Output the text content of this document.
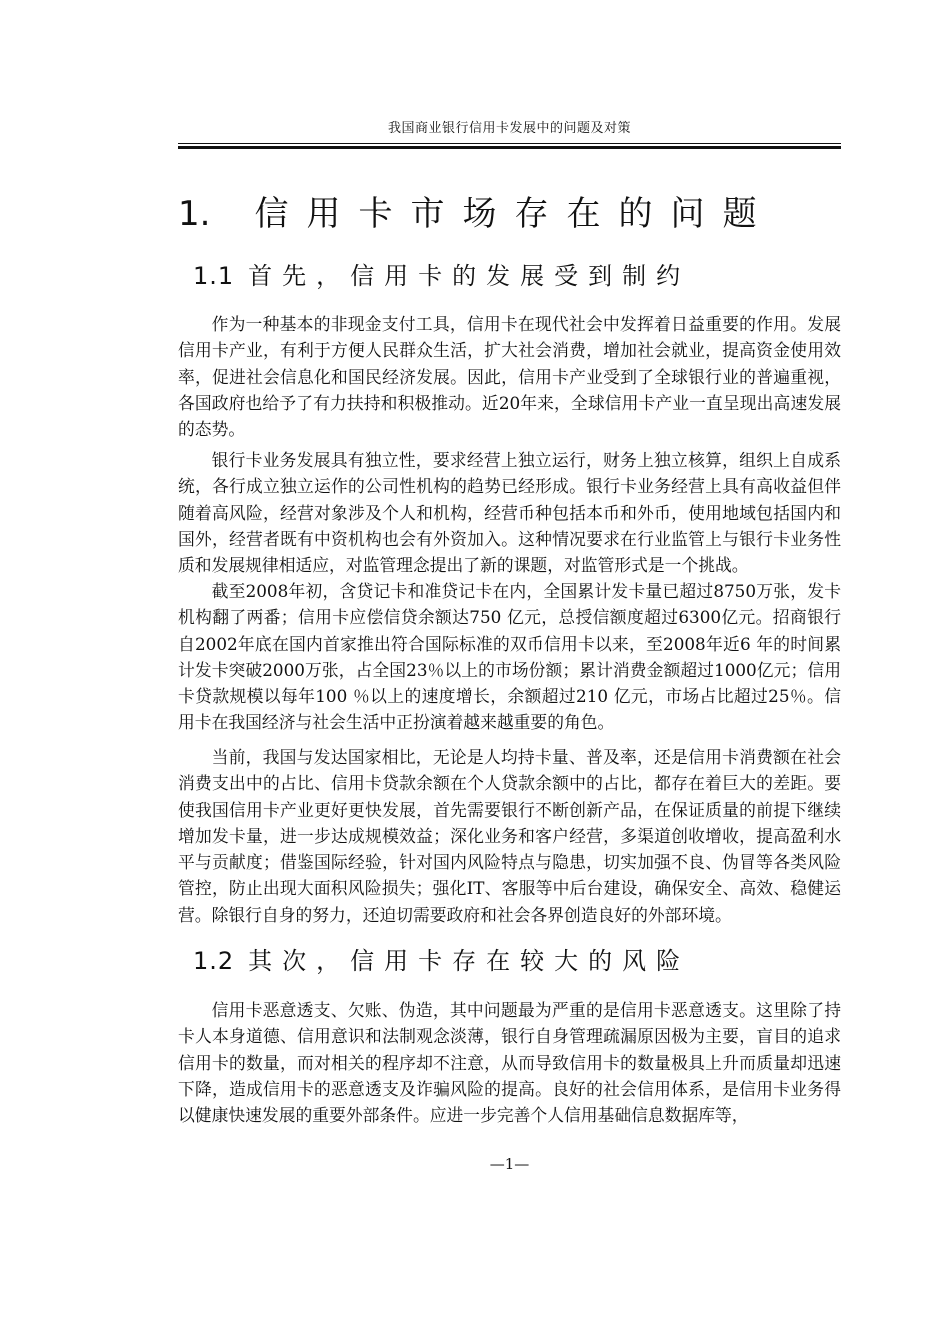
我国商业银行信用卡发展中的问题及对策
1. 信用卡市场存在的问题
1.1 首先，信用卡的发展受到制约

作为一种基本的非现金支付工具，信用卡在现代社会中发挥着日益重要的作用。发展信用卡产业，有利于方便人民群众生活，扩大社会消费，增加社会就业，提高资金使用效率，促进社会信息化和国民经济发展。因此，信用卡产业受到了全球银行业的普遍重视，各国政府也给予了有力扶持和积极推动。近20年来，全球信用卡产业一直呈现出高速发展的态势。

银行卡业务发展具有独立性，要求经营上独立运行，财务上独立核算，组织上自成系统，各行成立独立运作的公司性机构的趋势已经形成。银行卡业务经营上具有高收益但伴随着高风险，经营对象涉及个人和机构，经营币种包括本币和外币，使用地域包括国内和国外，经营者既有中资机构也会有外资加入。这种情况要求在行业监管上与银行卡业务性质和发展规律相适应，对监管理念提出了新的课题，对监管形式是一个挑战。

截至2008年初，含贷记卡和准贷记卡在内，全国累计发卡量已超过8750万张，发卡机构翻了两番；信用卡应偿信贷余额达750 亿元，总授信额度超过6300亿元。招商银行自2002年底在国内首家推出符合国际标准的双币信用卡以来，至2008年近6 年的时间累计发卡突破2000万张，占全国23％以上的市场份额；累计消费金额超过1000亿元；信用卡贷款规模以每年100 ％以上的速度增长，余额超过210 亿元，市场占比超过25％。信用卡在我国经济与社会生活中正扮演着越来越重要的角色。

当前，我国与发达国家相比，无论是人均持卡量、普及率，还是信用卡消费额在社会消费支出中的占比、信用卡贷款余额在个人贷款余额中的占比，都存在着巨大的差距。要使我国信用卡产业更好更快发展，首先需要银行不断创新产品，在保证质量的前提下继续增加发卡量，进一步达成规模效益；深化业务和客户经营，多渠道创收增收，提高盈利水平与贡献度；借鉴国际经验，针对国内风险特点与隐患，切实加强不良、伪冒等各类风险管控，防止出现大面积风险损失；强化IT、客服等中后台建设，确保安全、高效、稳健运营。除银行自身的努力，还迫切需要政府和社会各界创造良好的外部环境。

1.2 其次，信用卡存在较大的风险

信用卡恶意透支、欠账、伪造，其中问题最为严重的是信用卡恶意透支。这里除了持卡人本身道德、信用意识和法制观念淡薄，银行自身管理疏漏原因极为主要，盲目的追求信用卡的数量，而对相关的程序却不注意，从而导致信用卡的数量极具上升而质量却迅速下降，造成信用卡的恶意透支及诈骗风险的提高。良好的社会信用体系，是信用卡业务得以健康快速发展的重要外部条件。应进一步完善个人信用基础信息数据库等，

—1—
